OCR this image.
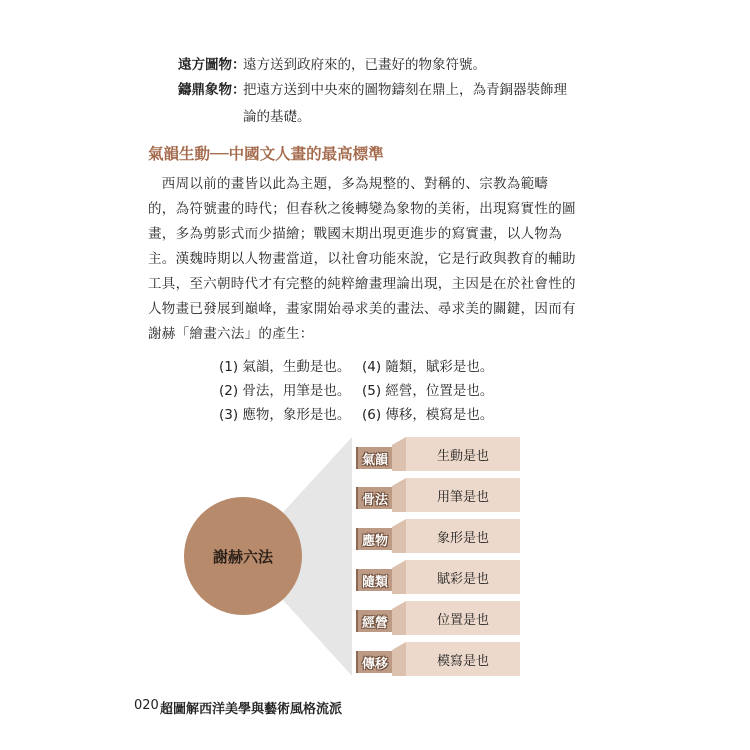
遠方圖物：
遠方送到政府來的，已畫好的物象符號。
鑄鼎象物：
把遠方送到中央來的圖物鑄刻在鼎上，為青銅器裝飾理
論的基礎。
氣韻生動──中國文人畫的最高標準
　西周以前的畫皆以此為主題，多為規整的、對稱的、宗教為範疇
的，為符號畫的時代；但春秋之後轉變為象物的美術，出現寫實性的圖
畫，多為剪影式而少描繪；戰國末期出現更進步的寫實畫，以人物為
主。漢魏時期以人物畫當道，以社會功能來說，它是行政與教育的輔助
工具，至六朝時代才有完整的純粹繪畫理論出現，主因是在於社會性的
人物畫已發展到巔峰，畫家開始尋求美的畫法、尋求美的關鍵，因而有
謝赫「繪畫六法」的產生：
(1) 氣韻，生動是也。 (4) 隨類，賦彩是也。
(2) 骨法，用筆是也。 (5) 經營，位置是也。
(3) 應物，象形是也。 (6) 傳移，模寫是也。
謝赫六法
氣韻	生動是也
骨法	用筆是也
應物	象形是也
隨類	賦彩是也
經營	位置是也
傳移	模寫是也
020 超圖解西洋美學與藝術風格流派
